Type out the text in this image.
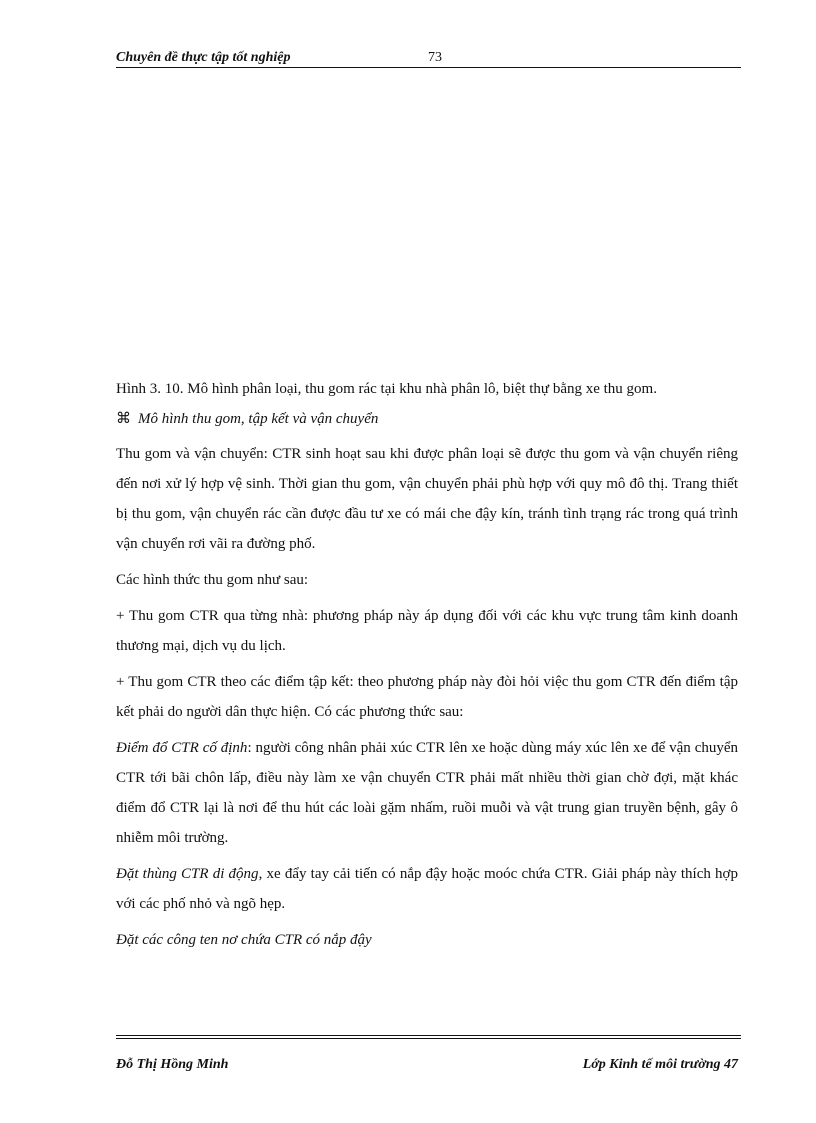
Chuyên đề thực tập tốt nghiệp	73

Hình 3. 10. Mô hình phân loại, thu gom rác tại khu nhà phân lô, biệt thự bằng xe thu gom.

⌘ Mô hình thu gom, tập kết và vận chuyển

Thu gom và vận chuyển: CTR sinh hoạt sau khi được phân loại sẽ được thu gom và vận chuyển riêng đến nơi xử lý hợp vệ sinh. Thời gian thu gom, vận chuyển phải phù hợp với quy mô đô thị. Trang thiết bị thu gom, vận chuyển rác cần được đầu tư xe có mái che đậy kín, tránh tình trạng rác trong quá trình vận chuyển rơi vãi ra đường phố.

Các hình thức thu gom như sau:

+ Thu gom CTR qua từng nhà: phương pháp này áp dụng đối với các khu vực trung tâm kinh doanh thương mại, dịch vụ du lịch.

+ Thu gom CTR theo các điểm tập kết: theo phương pháp này đòi hỏi việc thu gom CTR đến điểm tập kết phải do người dân thực hiện. Có các phương thức sau:

Điểm đổ CTR cố định: người công nhân phải xúc CTR lên xe hoặc dùng máy xúc lên xe để vận chuyển CTR tới bãi chôn lấp, điều này làm xe vận chuyển CTR phải mất nhiều thời gian chờ đợi, mặt khác điểm đổ CTR lại là nơi để thu hút các loài gặm nhấm, ruồi muỗi và vật trung gian truyền bệnh, gây ô nhiễm môi trường.

Đặt thùng CTR di động, xe đẩy tay cải tiến có nắp đậy hoặc moóc chứa CTR. Giải pháp này thích hợp với các phố nhỏ và ngõ hẹp.

Đặt các công ten nơ chứa CTR có nắp đậy

Đỗ Thị Hồng Minh	Lớp Kinh tế môi trường 47
